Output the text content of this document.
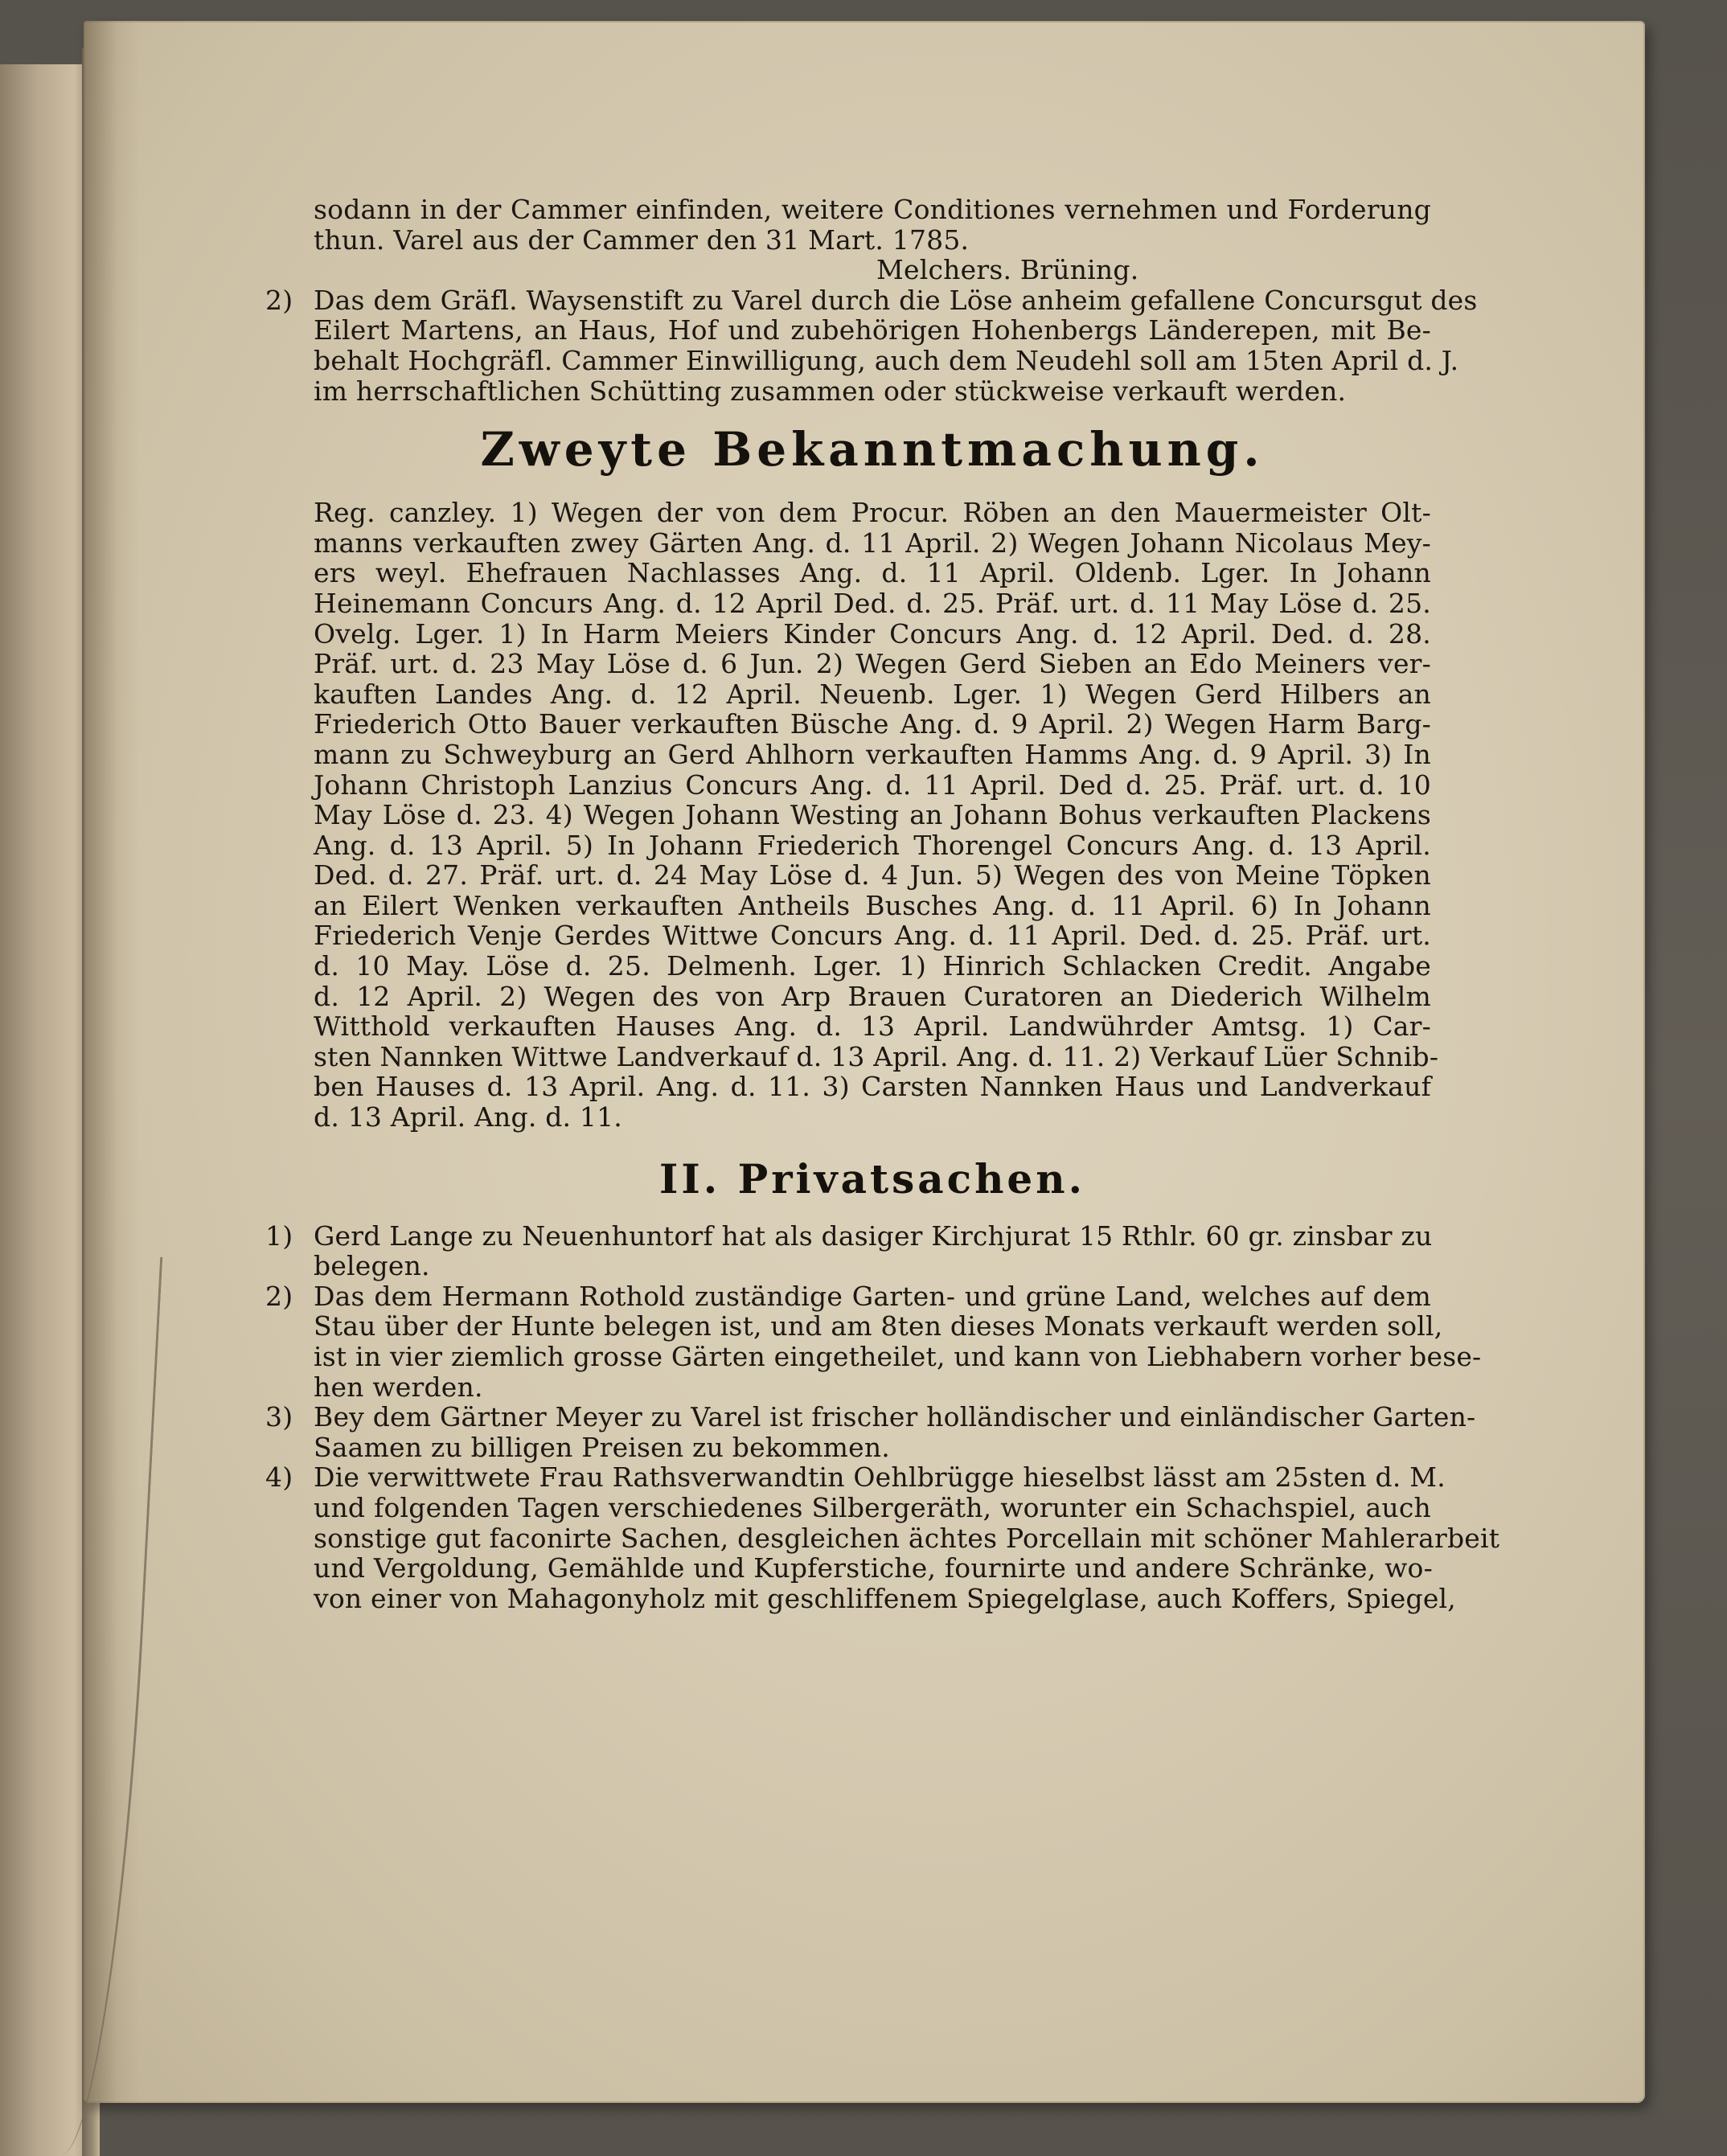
sodann in der Cammer einfinden, weitere Conditiones vernehmen und Forderung
thun. Varel aus der Cammer den 31 Mart. 1785.
Melchers. Brüning.
2) Das dem Gräfl. Waysenstift zu Varel durch die Löse anheim gefallene Concursgut des
Eilert Martens, an Haus, Hof und zubehörigen Hohenbergs Länderepen, mit Be-
behalt Hochgräfl. Cammer Einwilligung, auch dem Neudehl soll am 15ten April d. J.
im herrschaftlichen Schütting zusammen oder stückweise verkauft werden.
Zweyte Bekanntmachung.
Reg. canzley. 1) Wegen der von dem Procur. Röben an den Mauermeister Olt-
manns verkauften zwey Gärten Ang. d. 11 April. 2) Wegen Johann Nicolaus Mey-
ers weyl. Ehefrauen Nachlasses Ang. d. 11 April. Oldenb. Lger. In Johann
Heinemann Concurs Ang. d. 12 April Ded. d. 25. Präf. urt. d. 11 May Löse d. 25.
Ovelg. Lger. 1) In Harm Meiers Kinder Concurs Ang. d. 12 April. Ded. d. 28.
Präf. urt. d. 23 May Löse d. 6 Jun. 2) Wegen Gerd Sieben an Edo Meiners ver-
kauften Landes Ang. d. 12 April. Neuenb. Lger. 1) Wegen Gerd Hilbers an
Friederich Otto Bauer verkauften Büsche Ang. d. 9 April. 2) Wegen Harm Barg-
mann zu Schweyburg an Gerd Ahlhorn verkauften Hamms Ang. d. 9 April. 3) In
Johann Christoph Lanzius Concurs Ang. d. 11 April. Ded d. 25. Präf. urt. d. 10
May Löse d. 23. 4) Wegen Johann Westing an Johann Bohus verkauften Plackens
Ang. d. 13 April. 5) In Johann Friederich Thorengel Concurs Ang. d. 13 April.
Ded. d. 27. Präf. urt. d. 24 May Löse d. 4 Jun. 5) Wegen des von Meine Töpken
an Eilert Wenken verkauften Antheils Busches Ang. d. 11 April. 6) In Johann
Friederich Venje Gerdes Wittwe Concurs Ang. d. 11 April. Ded. d. 25. Präf. urt.
d. 10 May. Löse d. 25. Delmenh. Lger. 1) Hinrich Schlacken Credit. Angabe
d. 12 April. 2) Wegen des von Arp Brauen Curatoren an Diederich Wilhelm
Witthold verkauften Hauses Ang. d. 13 April. Landwührder Amtsg. 1) Car-
sten Nannken Wittwe Landverkauf d. 13 April. Ang. d. 11. 2) Verkauf Lüer Schnib-
ben Hauses d. 13 April. Ang. d. 11. 3) Carsten Nannken Haus und Landverkauf
d. 13 April. Ang. d. 11.
II. Privatsachen.
1) Gerd Lange zu Neuenhuntorf hat als dasiger Kirchjurat 15 Rthlr. 60 gr. zinsbar zu
belegen.
2) Das dem Hermann Rothold zuständige Garten- und grüne Land, welches auf dem
Stau über der Hunte belegen ist, und am 8ten dieses Monats verkauft werden soll,
ist in vier ziemlich grosse Gärten eingetheilet, und kann von Liebhabern vorher bese-
hen werden.
3) Bey dem Gärtner Meyer zu Varel ist frischer holländischer und einländischer Garten-
Saamen zu billigen Preisen zu bekommen.
4) Die verwittwete Frau Rathsverwandtin Oehlbrügge hieselbst lässt am 25sten d. M.
und folgenden Tagen verschiedenes Silbergeräth, worunter ein Schachspiel, auch
sonstige gut faconirte Sachen, desgleichen ächtes Porcellain mit schöner Mahlerarbeit
und Vergoldung, Gemählde und Kupferstiche, fournirte und andere Schränke, wo-
von einer von Mahagonyholz mit geschliffenem Spiegelglase, auch Koffers, Spiegel,
